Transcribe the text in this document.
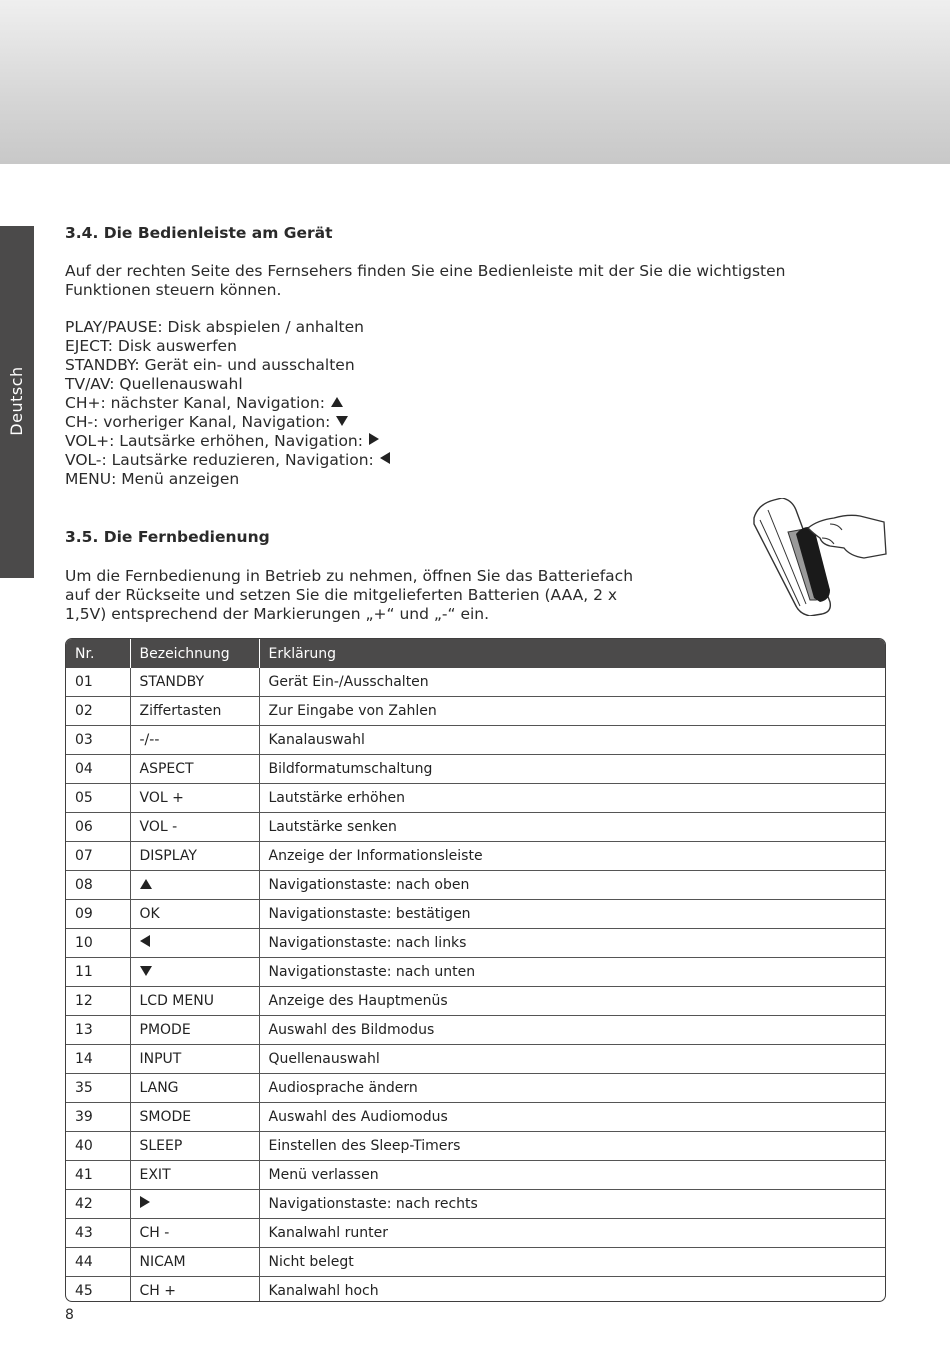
Deutsch
3.4. Die Bedienleiste am Gerät

Auf der rechten Seite des Fernsehers finden Sie eine Bedienleiste mit der Sie die wichtigsten

Funktionen steuern können.

PLAY/PAUSE: Disk abspielen / anhalten
EJECT: Disk auswerfen
STANDBY: Gerät ein- und ausschalten
TV/AV: Quellenauswahl
CH+: nächster Kanal, Navigation:
CH-: vorheriger Kanal, Navigation:
VOL+: Lautsärke erhöhen, Navigation:
VOL-: Lautsärke reduzieren, Navigation:
MENU: Menü anzeigen
3.5. Die Fernbedienung

Um die Fernbedienung in Betrieb zu nehmen, öffnen Sie das Batteriefach

auf der Rückseite und setzen Sie die mitgelieferten Batterien (AAA, 2 x

1,5V) entsprechend der Markierungen „+“ und „-“ ein.

Nr.	Bezeichnung	Erklärung
01	STANDBY	Gerät Ein-/Ausschalten
02	Ziffertasten	Zur Eingabe von Zahlen
03	-/--	Kanalauswahl
04	ASPECT	Bildformatumschaltung
05	VOL +	Lautstärke erhöhen
06	VOL -	Lautstärke senken
07	DISPLAY	Anzeige der Informationsleiste
08		Navigationstaste: nach oben
09	OK	Navigationstaste: bestätigen
10		Navigationstaste: nach links
11		Navigationstaste: nach unten
12	LCD MENU	Anzeige des Hauptmenüs
13	PMODE	Auswahl des Bildmodus
14	INPUT	Quellenauswahl
35	LANG	Audiosprache ändern
39	SMODE	Auswahl des Audiomodus
40	SLEEP	Einstellen des Sleep-Timers
41	EXIT	Menü verlassen
42		Navigationstaste: nach rechts
43	CH -	Kanalwahl runter
44	NICAM	Nicht belegt
45	CH +	Kanalwahl hoch
8
